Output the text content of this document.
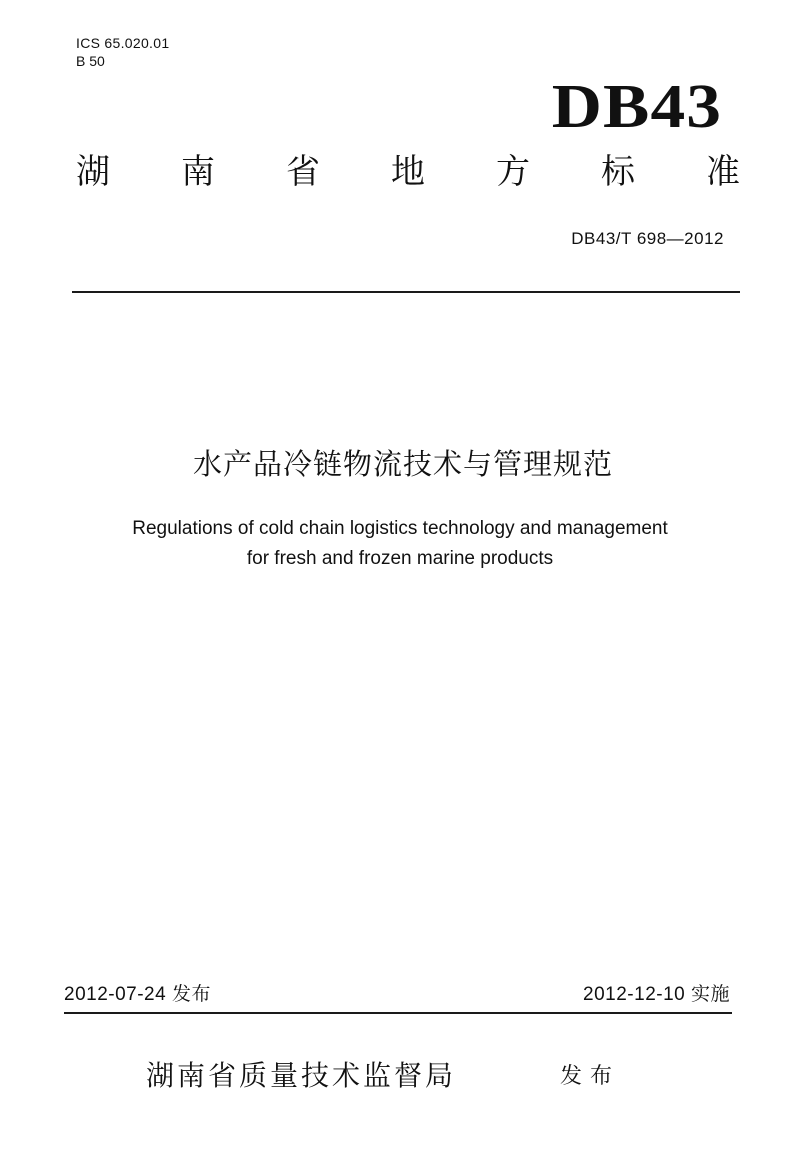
ICS 65.020.01
B 50
DB43
湖 南 省 地 方 标 准
DB43/T 698—2012
水产品冷链物流技术与管理规范
Regulations of cold chain logistics technology and management
for fresh and frozen marine products
2012-07-24 发布	2012-12-10 实施
湖南省质量技术监督局	发布
